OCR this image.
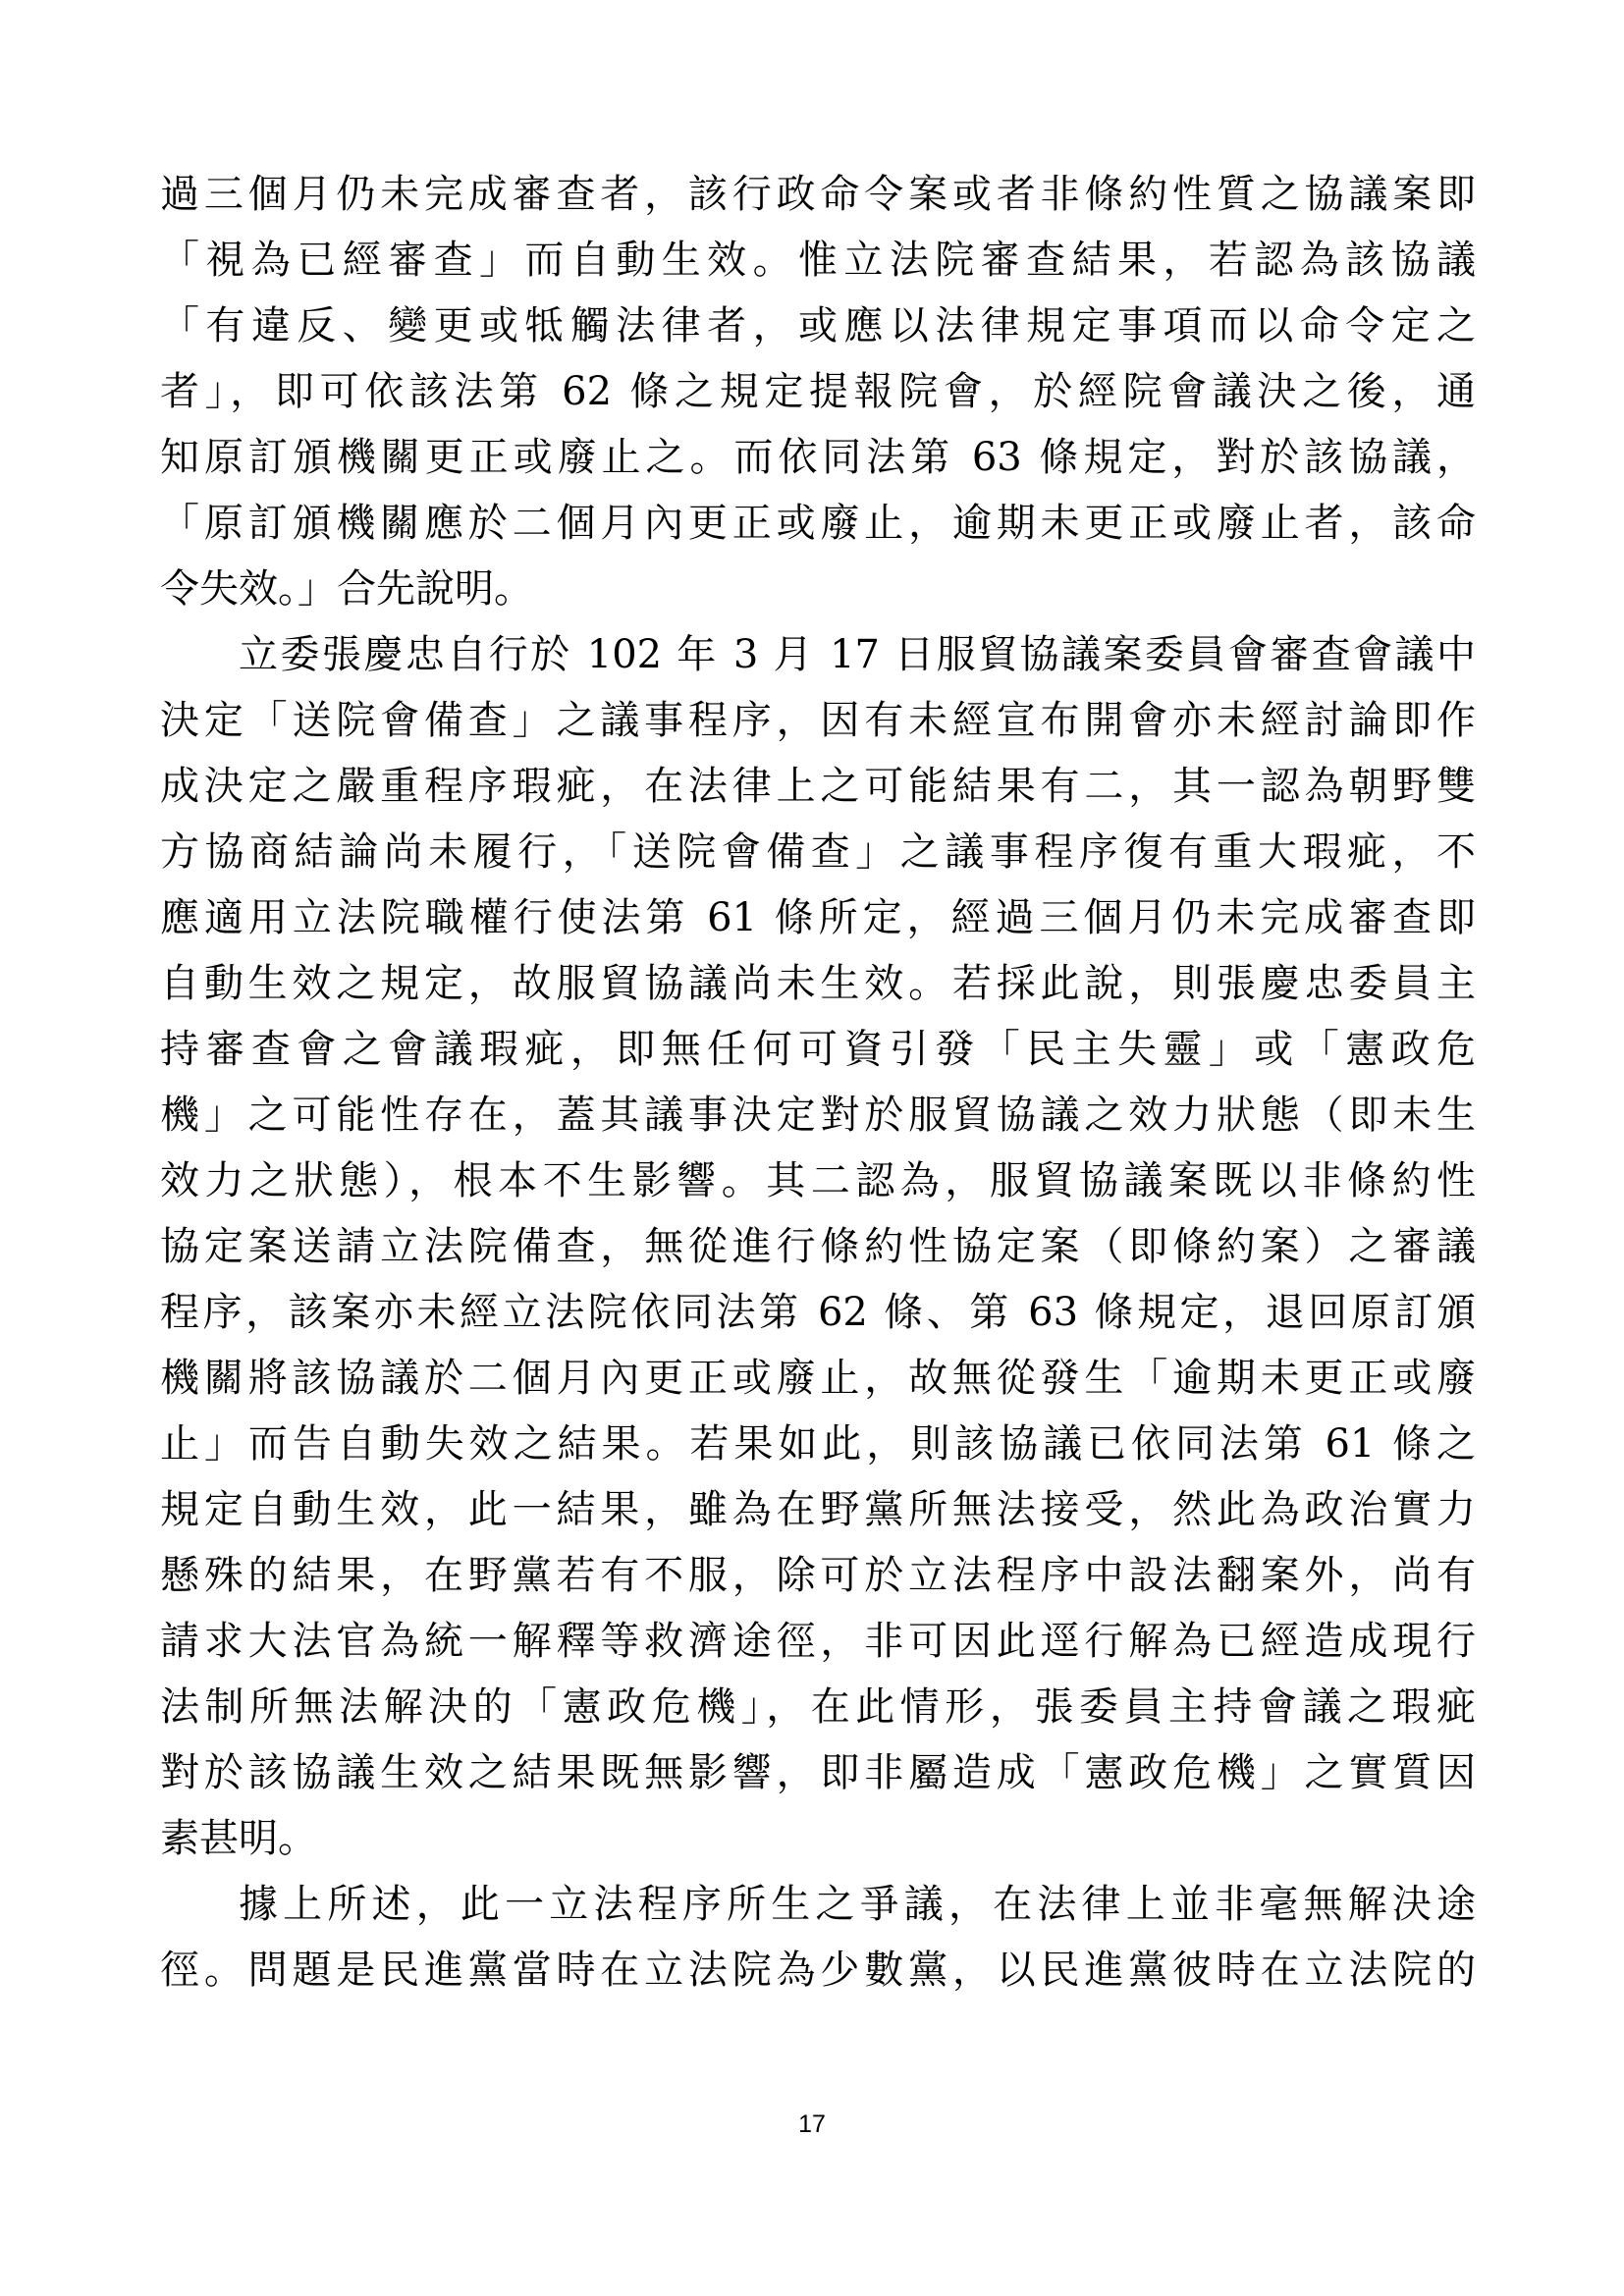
過三個月仍未完成審查者，該行政命令案或者非條約性質之協議案即
「視為已經審查」而自動生效。惟立法院審查結果，若認為該協議
「有違反、變更或牴觸法律者，或應以法律規定事項而以命令定之
者」，即可依該法第 62 條之規定提報院會，於經院會議決之後，通
知原訂頒機關更正或廢止之。而依同法第 63 條規定，對於該協議，
「原訂頒機關應於二個月內更正或廢止，逾期未更正或廢止者，該命
令失效。」合先說明。
立委張慶忠自行於 102 年 3 月 17 日服貿協議案委員會審查會議中
決定「送院會備查」之議事程序，因有未經宣布開會亦未經討論即作
成決定之嚴重程序瑕疵，在法律上之可能結果有二，其一認為朝野雙
方協商結論尚未履行，「送院會備查」之議事程序復有重大瑕疵，不
應適用立法院職權行使法第 61 條所定，經過三個月仍未完成審查即
自動生效之規定，故服貿協議尚未生效。若採此說，則張慶忠委員主
持審查會之會議瑕疵，即無任何可資引發「民主失靈」或「憲政危
機」之可能性存在，蓋其議事決定對於服貿協議之效力狀態（即未生
效力之狀態），根本不生影響。其二認為，服貿協議案既以非條約性
協定案送請立法院備查，無從進行條約性協定案（即條約案）之審議
程序，該案亦未經立法院依同法第 62 條、第 63 條規定，退回原訂頒
機關將該協議於二個月內更正或廢止，故無從發生「逾期未更正或廢
止」而告自動失效之結果。若果如此，則該協議已依同法第 61 條之
規定自動生效，此一結果，雖為在野黨所無法接受，然此為政治實力
懸殊的結果，在野黨若有不服，除可於立法程序中設法翻案外，尚有
請求大法官為統一解釋等救濟途徑，非可因此逕行解為已經造成現行
法制所無法解決的「憲政危機」，在此情形，張委員主持會議之瑕疵
對於該協議生效之結果既無影響，即非屬造成「憲政危機」之實質因
素甚明。
據上所述，此一立法程序所生之爭議，在法律上並非毫無解決途
徑。問題是民進黨當時在立法院為少數黨，以民進黨彼時在立法院的
17
